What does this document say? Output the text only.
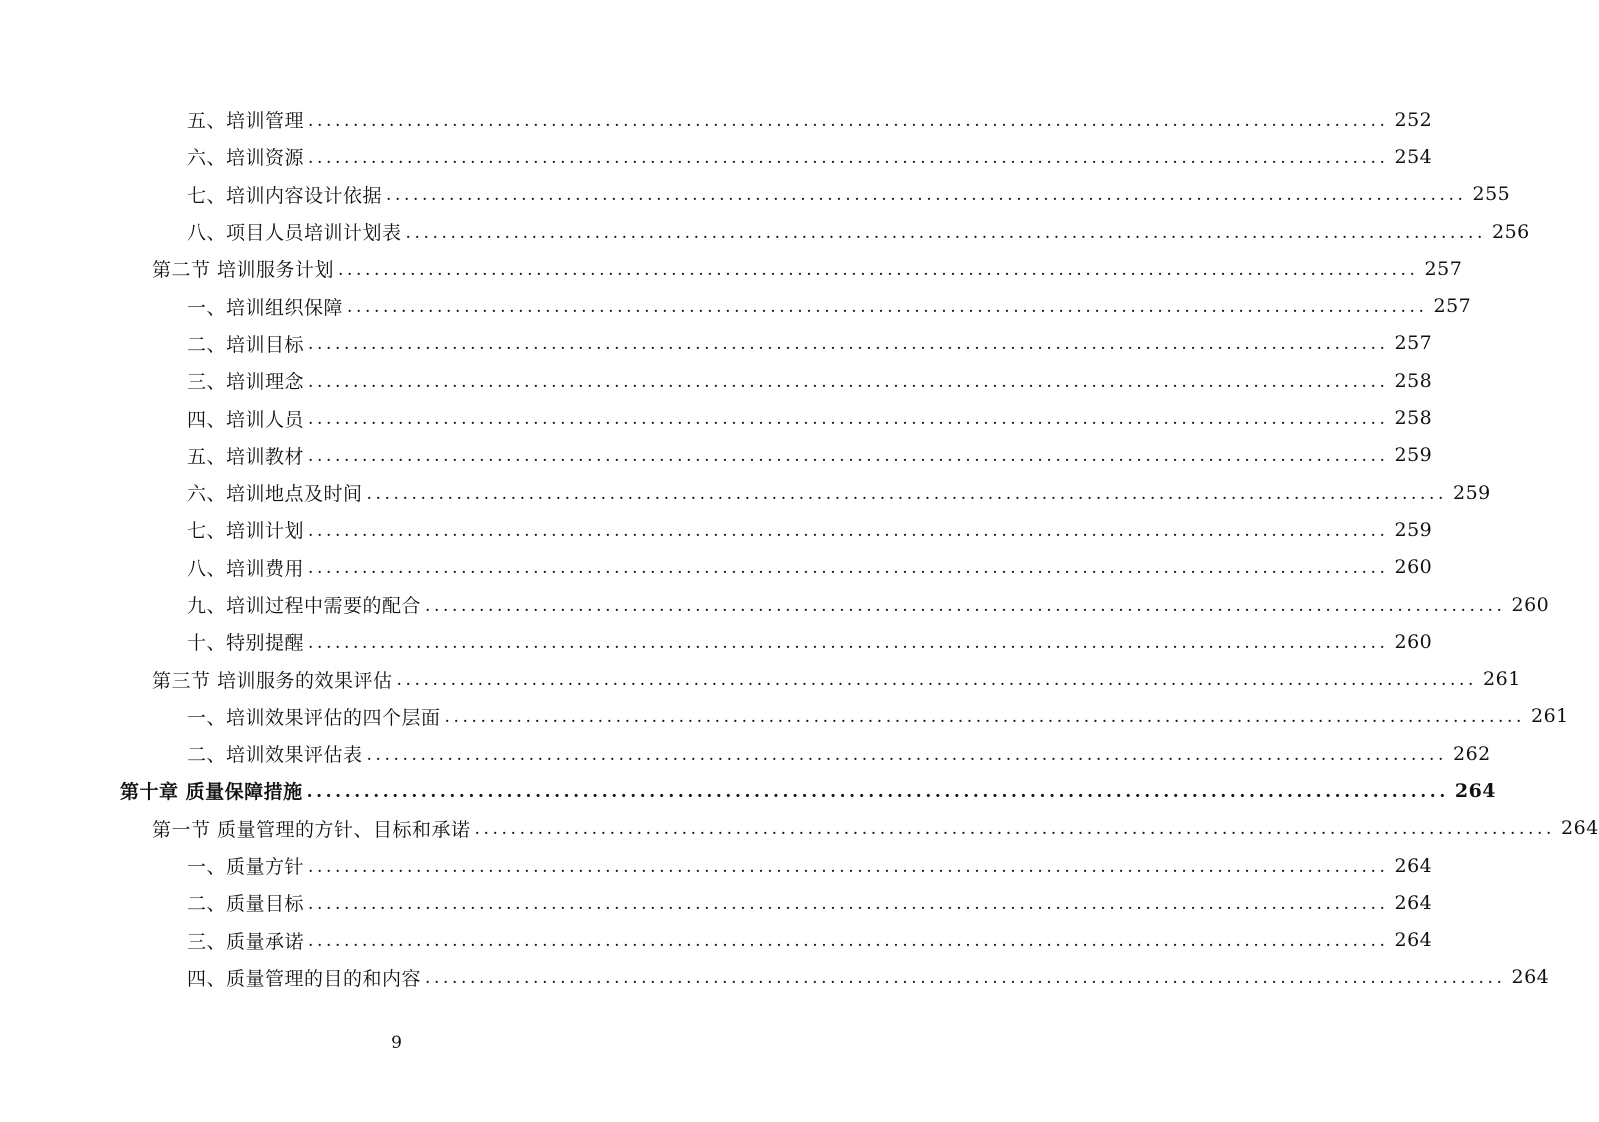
五、培训管理 ........................................................................................................................ 252
六、培训资源 ........................................................................................................................ 254
七、培训内容设计依据 ........................................................................................................................ 255
八、项目人员培训计划表 ........................................................................................................................ 256
第二节 培训服务计划 ........................................................................................................................ 257
一、培训组织保障 ........................................................................................................................ 257
二、培训目标 ........................................................................................................................ 257
三、培训理念 ........................................................................................................................ 258
四、培训人员 ........................................................................................................................ 258
五、培训教材 ........................................................................................................................ 259
六、培训地点及时间 ........................................................................................................................ 259
七、培训计划 ........................................................................................................................ 259
八、培训费用 ........................................................................................................................ 260
九、培训过程中需要的配合 ........................................................................................................................ 260
十、特别提醒 ........................................................................................................................ 260
第三节 培训服务的效果评估 ........................................................................................................................ 261
一、培训效果评估的四个层面 ........................................................................................................................ 261
二、培训效果评估表 ........................................................................................................................ 262
第十章 质量保障措施 ........................................................................................................................ 264
第一节 质量管理的方针、目标和承诺 ........................................................................................................................ 264
一、质量方针 ........................................................................................................................ 264
二、质量目标 ........................................................................................................................ 264
三、质量承诺 ........................................................................................................................ 264
四、质量管理的目的和内容 ........................................................................................................................ 264
9
